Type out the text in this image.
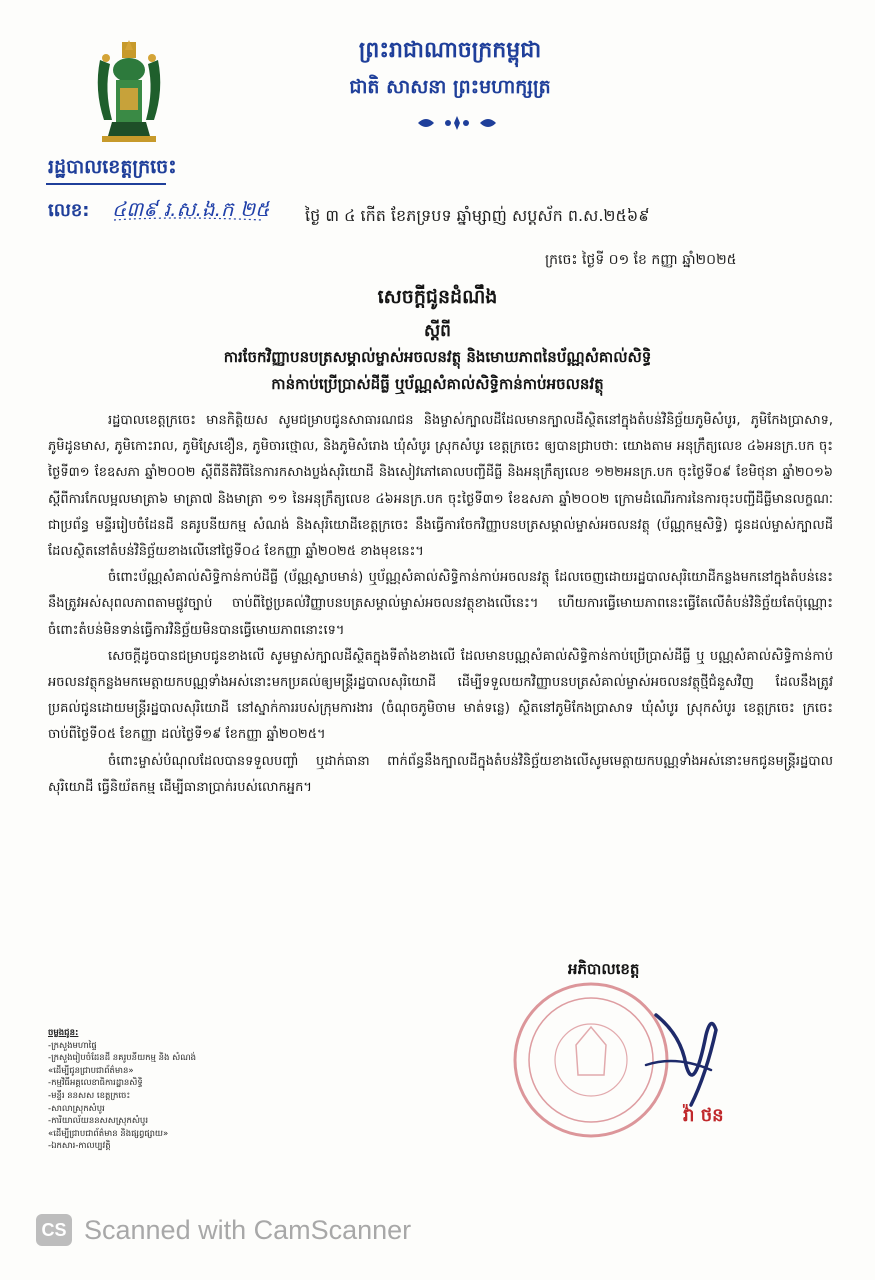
ព្រះរាជាណាចក្រកម្ពុជា
ជាតិ សាសនា ព្រះមហាក្សត្រ
រដ្ឋបាលខេត្តក្រចេះ
លេខ: ៤៣៩ រ.ស.ង.ក ២៥ ថ្ងៃ ៣ ៤ កើត ខែភទ្របទ ឆ្នាំម្សាញ់ សប្តស័ក ព.ស.២៥៦៩
ក្រចេះ ថ្ងៃទី ០១ ខែ កញ្ញា ឆ្នាំ២០២៥
សេចក្តីជូនដំណឹង
ស្តីពី
ការចែកវិញ្ញាបនបត្រសម្គាល់ម្ចាស់អចលនវត្ថុ និងមោឃភាពនៃប័ណ្ណសំគាល់សិទ្ធិ
កាន់កាប់ប្រើប្រាស់ដីធ្លី ឬប័ណ្ណសំគាល់សិទ្ធិកាន់កាប់អចលនវត្ថុ

រដ្ឋបាលខេត្តក្រចេះ មានកិត្តិយស សូមជម្រាបជូនសាធារណជន និងម្ចាស់ក្បាលដីដែលមានក្បាលដីស្ថិតនៅក្នុងតំបន់វិនិច្ឆ័យភូមិសំបូរ, ភូមិកែងប្រាសាទ, ភូមិដូនមាស, ភូមិកោះរាល, ភូមិស្រែខឿន, ភូមិចារថ្មោល, និងភូមិសំរោង ឃុំសំបូរ ស្រុកសំបូរ ខេត្តក្រចេះ ឲ្យបានជ្រាបថា: យោងតាម អនុក្រឹត្យលេខ ៤៦អនក្រ.បក ចុះថ្ងៃទី៣១ ខែឧសភា ឆ្នាំ២០០២ ស្តីពីនីតិវិធីនៃការកសាងប្លង់សុរិយោដី និងសៀវភៅគោលបញ្ជីដីធ្លី និងអនុក្រឹត្យលេខ ១២២អនក្រ.បក ចុះថ្ងៃទី០៩ ខែមិថុនា ឆ្នាំ២០១៦ ស្តីពីការកែលម្អលមាត្រា៦ មាត្រា៧ និងមាត្រា ១១ នៃអនុក្រឹត្យលេខ ៤៦អនក្រ.បក ចុះថ្ងៃទី៣១ ខែឧសភា ឆ្នាំ២០០២ ក្រោមដំណើរការនៃការចុះបញ្ជីដីធ្លីមានលក្ខណៈជាប្រព័ន្ធ មន្ទីររៀបចំដែនដី នគរូបនីយកម្ម សំណង់ និងសុរិយោដីខេត្តក្រចេះ នឹងធ្វើការចែកវិញ្ញាបនបត្រសម្គាល់ម្ចាស់អចលនវត្ថុ (ប័ណ្ណកម្មសិទ្ធិ) ជូនដល់ម្ចាស់ក្បាលដីដែលស្ថិតនៅតំបន់វិនិច្ឆ័យខាងលើនៅថ្ងៃទី០៤ ខែកញ្ញា ឆ្នាំ២០២៥ ខាងមុខនេះ។

ចំពោះប័ណ្ណសំគាល់សិទ្ធិកាន់កាប់ដីធ្លី (ប័ណ្ណស្លាបមាន់) ឬប័ណ្ណសំគាល់សិទ្ធិកាន់កាប់អចលនវត្ថុ ដែលចេញដោយរដ្ឋបាលសុរិយោដីកន្លងមកនៅក្នុងតំបន់នេះនឹងត្រូវអស់សុពលភាពតាមផ្លូវច្បាប់ ចាប់ពីថ្ងៃប្រគល់វិញ្ញាបនបត្រសម្គាល់ម្ចាស់អចលនវត្ថុខាងលើនេះ។ ហើយការធ្វើមោឃភាពនេះធ្វើតែលើតំបន់វិនិច្ឆ័យតែប៉ុណ្ណោះ ចំពោះតំបន់មិនទាន់ធ្វើការវិនិច្ឆ័យមិនបានធ្វើមោឃភាពនោះទេ។

សេចក្តីដូចបានជម្រាបជូនខាងលើ សូមម្ចាស់ក្បាលដីស្ថិតក្នុងទីតាំងខាងលើ ដែលមានបណ្ណសំគាល់សិទ្ធិកាន់កាប់ប្រើប្រាស់ដីធ្លី ឬ បណ្ណសំគាល់សិទ្ធិកាន់កាប់អចលនវត្ថុកន្លងមកមេត្តាយកបណ្ណទាំងអស់នោះមកប្រគល់ឲ្យមន្ត្រីរដ្ឋបាលសុរិយោដី ដើម្បីទទួលយកវិញ្ញាបនបត្រសំគាល់ម្ចាស់អចលនវត្ថុថ្មីជំនួសវិញ ដែលនឹងត្រូវប្រគល់ជូនដោយមន្ត្រីរដ្ឋបាលសុរិយោដី នៅស្នាក់ការរបស់ក្រុមការងារ (ចំណុចភូមិចាម មាត់ទន្លេ) ស្ថិតនៅភូមិកែងប្រាសាទ ឃុំសំបូរ ស្រុកសំបូរ ខេត្តក្រចេះ ក្រចេះ ចាប់ពីថ្ងៃទី០៥ ខែកញ្ញា ដល់ថ្ងៃទី១៩ ខែកញ្ញា ឆ្នាំ២០២៥។

ចំពោះម្ចាស់បំណុលដែលបានទទួលបញ្ចាំ ឬដាក់ធានា ពាក់ព័ន្ធនឹងក្បាលដីក្នុងតំបន់វិនិច្ឆ័យខាងលើសូមមេត្តាយកបណ្ណទាំងអស់នោះមកជូនមន្ត្រីរដ្ឋបាលសុរិយោដី ធ្វើនិយ័តកម្ម ដើម្បីធានាប្រាក់របស់លោកអ្នក។

អភិបាលខេត្ត
វ៉ា ថន
ចម្លងជូន:
-ក្រសួងមហាផ្ទៃ
-ក្រសួងរៀបចំដែនដី នគរូបនីយកម្ម និង សំណង់
«ដើម្បីជូនជ្រាបជាព័ត៌មាន»
-កម្មវិធីអគ្គលេខាធិការដ្ឋានសិទ្ធិ
-មន្ទីរ ននសស ខេត្តក្រចេះ
-សាលាស្រុកសំបូរ
-ការិយាល័យននសសស្រុកសំបូរ
«ដើម្បីជ្រាបជាព័ត៌មាន និងផ្សព្វផ្សាយ»
-ឯកសារ-កាលប្បវត្តិ
CS Scanned with CamScanner
